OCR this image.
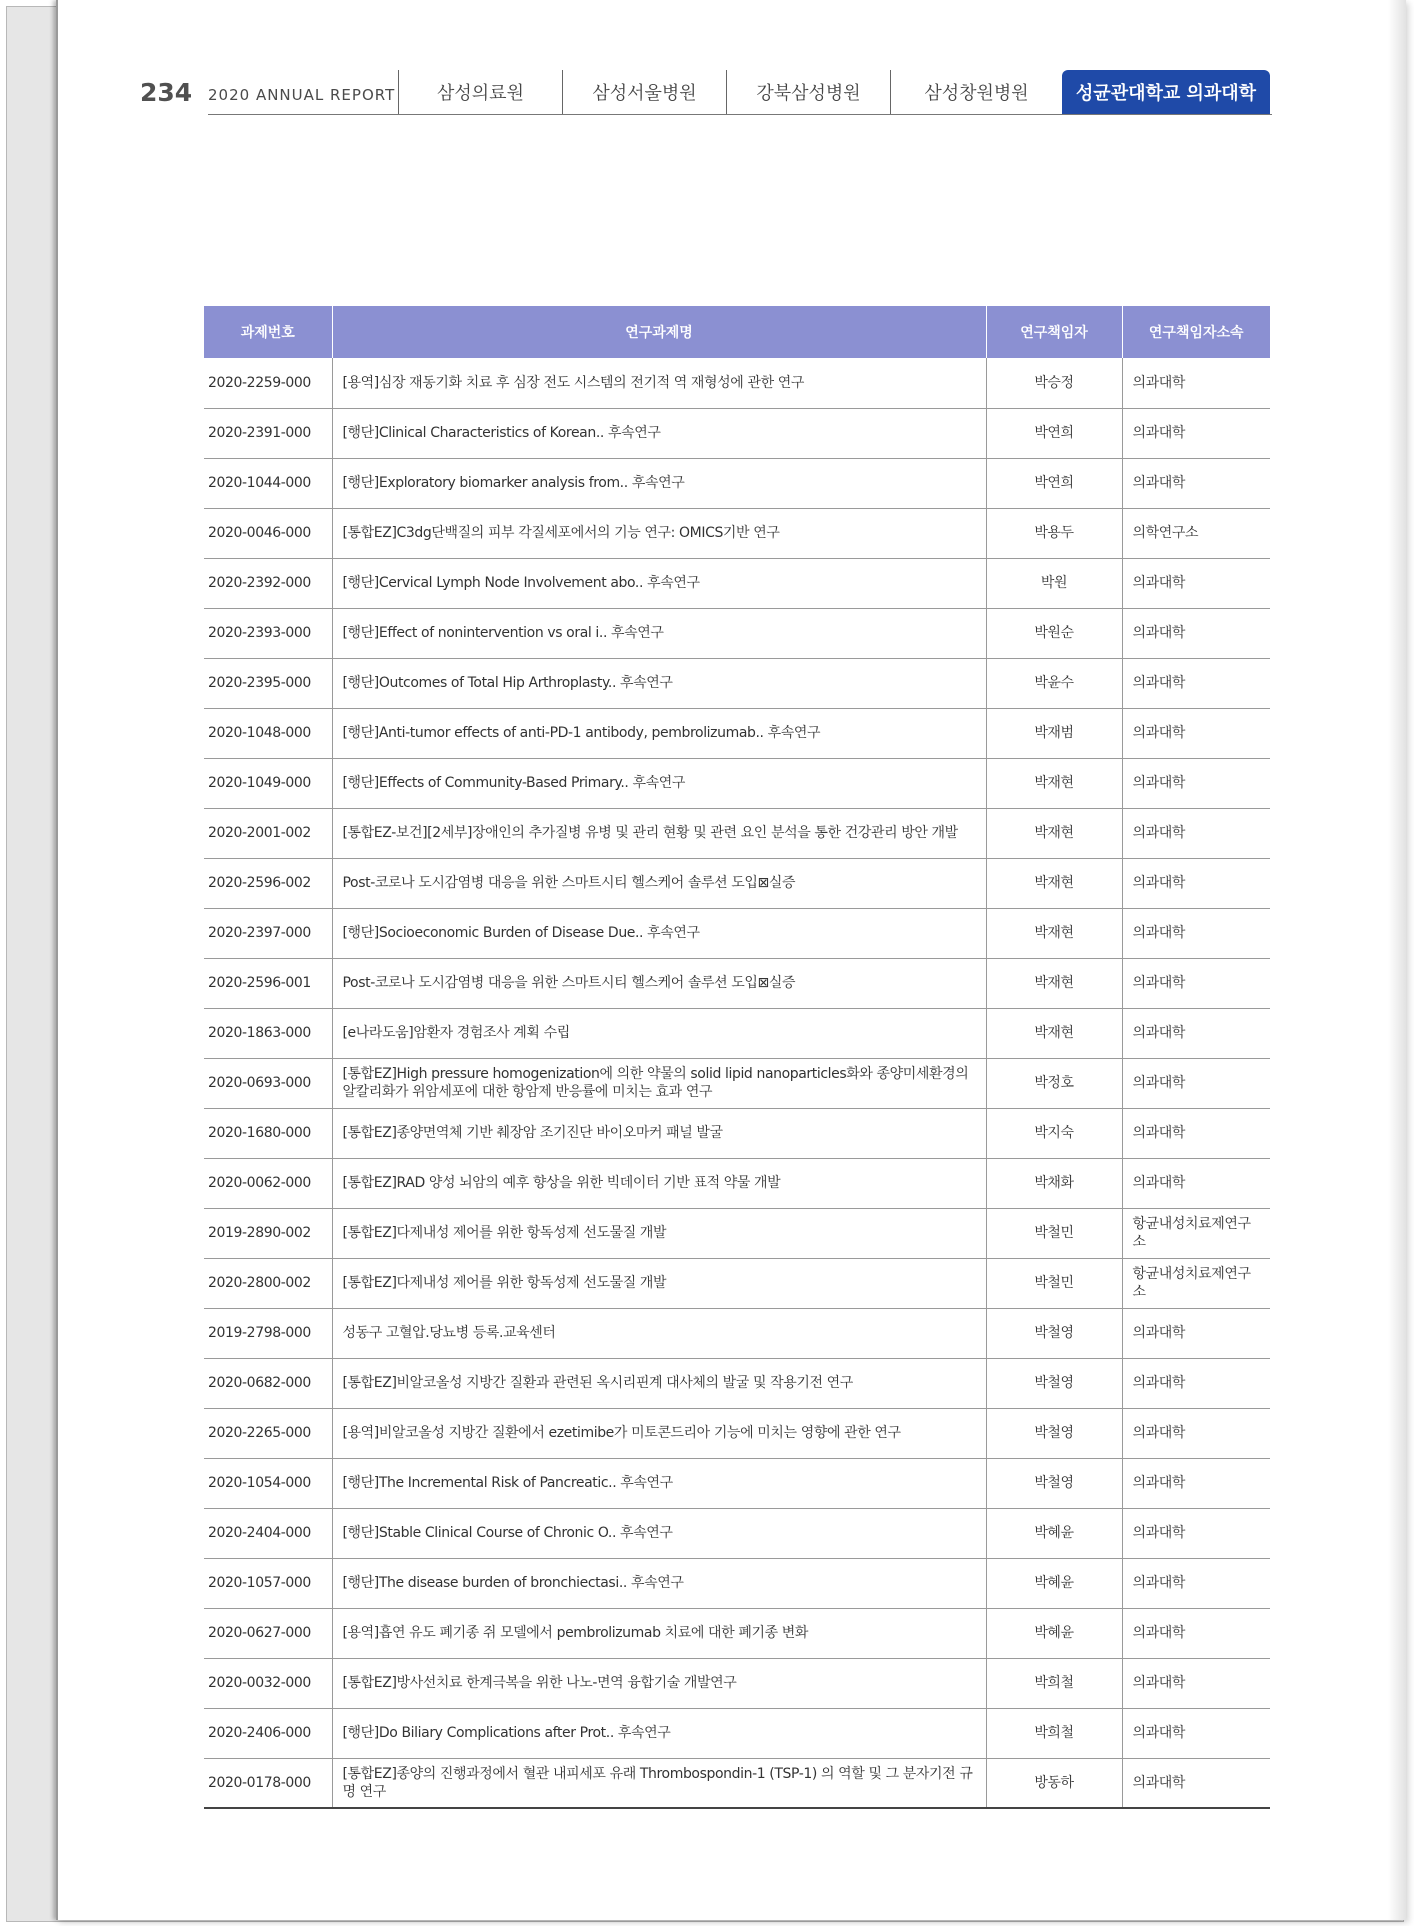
234 2020 ANNUAL REPORT	삼성의료원	삼성서울병원	강북삼성병원	삼성창원병원	성균관대학교 의과대학
과제번호	연구과제명	연구책임자	연구책임자소속
2020-2259-000	[용역]심장 재동기화 치료 후 심장 전도 시스템의 전기적 역 재형성에 관한 연구	박승정	의과대학
2020-2391-000	[행단]Clinical Characteristics of Korean.. 후속연구	박연희	의과대학
2020-1044-000	[행단]Exploratory biomarker analysis from.. 후속연구	박연희	의과대학
2020-0046-000	[통합EZ]C3dg단백질의 피부 각질세포에서의 기능 연구: OMICS기반 연구	박용두	의학연구소
2020-2392-000	[행단]Cervical Lymph Node Involvement abo.. 후속연구	박원	의과대학
2020-2393-000	[행단]Effect of nonintervention vs oral i.. 후속연구	박원순	의과대학
2020-2395-000	[행단]Outcomes of Total Hip Arthroplasty.. 후속연구	박윤수	의과대학
2020-1048-000	[행단]Anti-tumor effects of anti-PD-1 antibody, pembrolizumab.. 후속연구	박재범	의과대학
2020-1049-000	[행단]Effects of Community-Based Primary.. 후속연구	박재현	의과대학
2020-2001-002	[통합EZ-보건][2세부]장애인의 추가질병 유병 및 관리 현황 및 관련 요인 분석을 통한 건강관리 방안 개발	박재현	의과대학
2020-2596-002	Post-코로나 도시감염병 대응을 위한 스마트시티 헬스케어 솔루션 도입⊠실증	박재현	의과대학
2020-2397-000	[행단]Socioeconomic Burden of Disease Due.. 후속연구	박재현	의과대학
2020-2596-001	Post-코로나 도시감염병 대응을 위한 스마트시티 헬스케어 솔루션 도입⊠실증	박재현	의과대학
2020-1863-000	[e나라도움]암환자 경험조사 계획 수립	박재현	의과대학
2020-0693-000	[통합EZ]High pressure homogenization에 의한 약물의 solid lipid nanoparticles화와 종양미세환경의 알칼리화가 위암세포에 대한 항암제 반응률에 미치는 효과 연구	박정호	의과대학
2020-1680-000	[통합EZ]종양면역체 기반 췌장암 조기진단 바이오마커 패널 발굴	박지숙	의과대학
2020-0062-000	[통합EZ]RAD 양성 뇌암의 예후 향상을 위한 빅데이터 기반 표적 약물 개발	박채화	의과대학
2019-2890-002	[통합EZ]다제내성 제어를 위한 항독성제 선도물질 개발	박철민	항균내성치료제연구소
2020-2800-002	[통합EZ]다제내성 제어를 위한 항독성제 선도물질 개발	박철민	항균내성치료제연구소
2019-2798-000	성동구 고혈압.당뇨병 등록.교육센터	박철영	의과대학
2020-0682-000	[통합EZ]비알코올성 지방간 질환과 관련된 옥시리핀계 대사체의 발굴 및 작용기전 연구	박철영	의과대학
2020-2265-000	[용역]비알코올성 지방간 질환에서 ezetimibe가 미토콘드리아 기능에 미치는 영향에 관한 연구	박철영	의과대학
2020-1054-000	[행단]The Incremental Risk of Pancreatic.. 후속연구	박철영	의과대학
2020-2404-000	[행단]Stable Clinical Course of Chronic O.. 후속연구	박혜윤	의과대학
2020-1057-000	[행단]The disease burden of bronchiectasi.. 후속연구	박혜윤	의과대학
2020-0627-000	[용역]흡연 유도 폐기종 쥐 모델에서 pembrolizumab 치료에 대한 폐기종 변화	박혜윤	의과대학
2020-0032-000	[통합EZ]방사선치료 한계극복을 위한 나노-면역 융합기술 개발연구	박희철	의과대학
2020-2406-000	[행단]Do Biliary Complications after Prot.. 후속연구	박희철	의과대학
2020-0178-000	[통합EZ]종양의 진행과정에서 혈관 내피세포 유래 Thrombospondin-1 (TSP-1) 의 역할 및 그 분자기전 규명 연구	방동하	의과대학
